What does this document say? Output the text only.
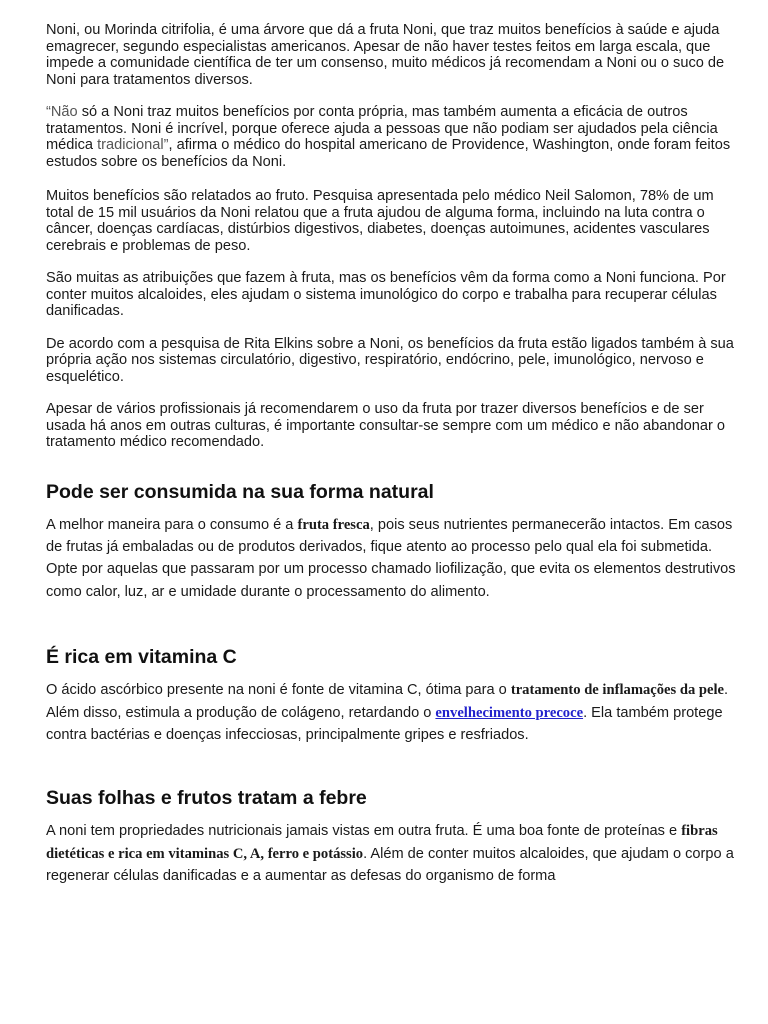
Noni, ou Morinda citrifolia, é uma árvore que dá a fruta Noni, que traz muitos benefícios à saúde e ajuda emagrecer, segundo especialistas americanos. Apesar de não haver testes feitos em larga escala, que impede a comunidade científica de ter um consenso, muito médicos já recomendam a Noni ou o suco de Noni para tratamentos diversos.

“Não só a Noni traz muitos benefícios por conta própria, mas também aumenta a eficácia de outros tratamentos. Noni é incrível, porque oferece ajuda a pessoas que não podiam ser ajudados pela ciência médica tradicional”, afirma o médico do hospital americano de Providence, Washington, onde foram feitos estudos sobre os benefícios da Noni.

Muitos benefícios são relatados ao fruto. Pesquisa apresentada pelo médico Neil Salomon, 78% de um total de 15 mil usuários da Noni relatou que a fruta ajudou de alguma forma, incluindo na luta contra o câncer, doenças cardíacas, distúrbios digestivos, diabetes, doenças autoimunes, acidentes vasculares cerebrais e problemas de peso.

São muitas as atribuições que fazem à fruta, mas os benefícios vêm da forma como a Noni funciona. Por conter muitos alcaloides, eles ajudam o sistema imunológico do corpo e trabalha para recuperar células danificadas.

De acordo com a pesquisa de Rita Elkins sobre a Noni, os benefícios da fruta estão ligados também à sua própria ação nos sistemas circulatório, digestivo, respiratório, endócrino, pele, imunológico, nervoso e esquelético.

Apesar de vários profissionais já recomendarem o uso da fruta por trazer diversos benefícios e de ser usada há anos em outras culturas, é importante consultar-se sempre com um médico e não abandonar o tratamento médico recomendado.

Pode ser consumida na sua forma natural

A melhor maneira para o consumo é a fruta fresca, pois seus nutrientes permanecerão intactos. Em casos de frutas já embaladas ou de produtos derivados, fique atento ao processo pelo qual ela foi submetida. Opte por aquelas que passaram por um processo chamado liofilização, que evita os elementos destrutivos como calor, luz, ar e umidade durante o processamento do alimento.

É rica em vitamina C

O ácido ascórbico presente na noni é fonte de vitamina C, ótima para o tratamento de inflamações da pele. Além disso, estimula a produção de colágeno, retardando o envelhecimento precoce. Ela também protege contra bactérias e doenças infecciosas, principalmente gripes e resfriados.

Suas folhas e frutos tratam a febre

A noni tem propriedades nutricionais jamais vistas em outra fruta. É uma boa fonte de proteínas e fibras dietéticas e rica em vitaminas C, A, ferro e potássio. Além de conter muitos alcaloides, que ajudam o corpo a regenerar células danificadas e a aumentar as defesas do organismo de forma
